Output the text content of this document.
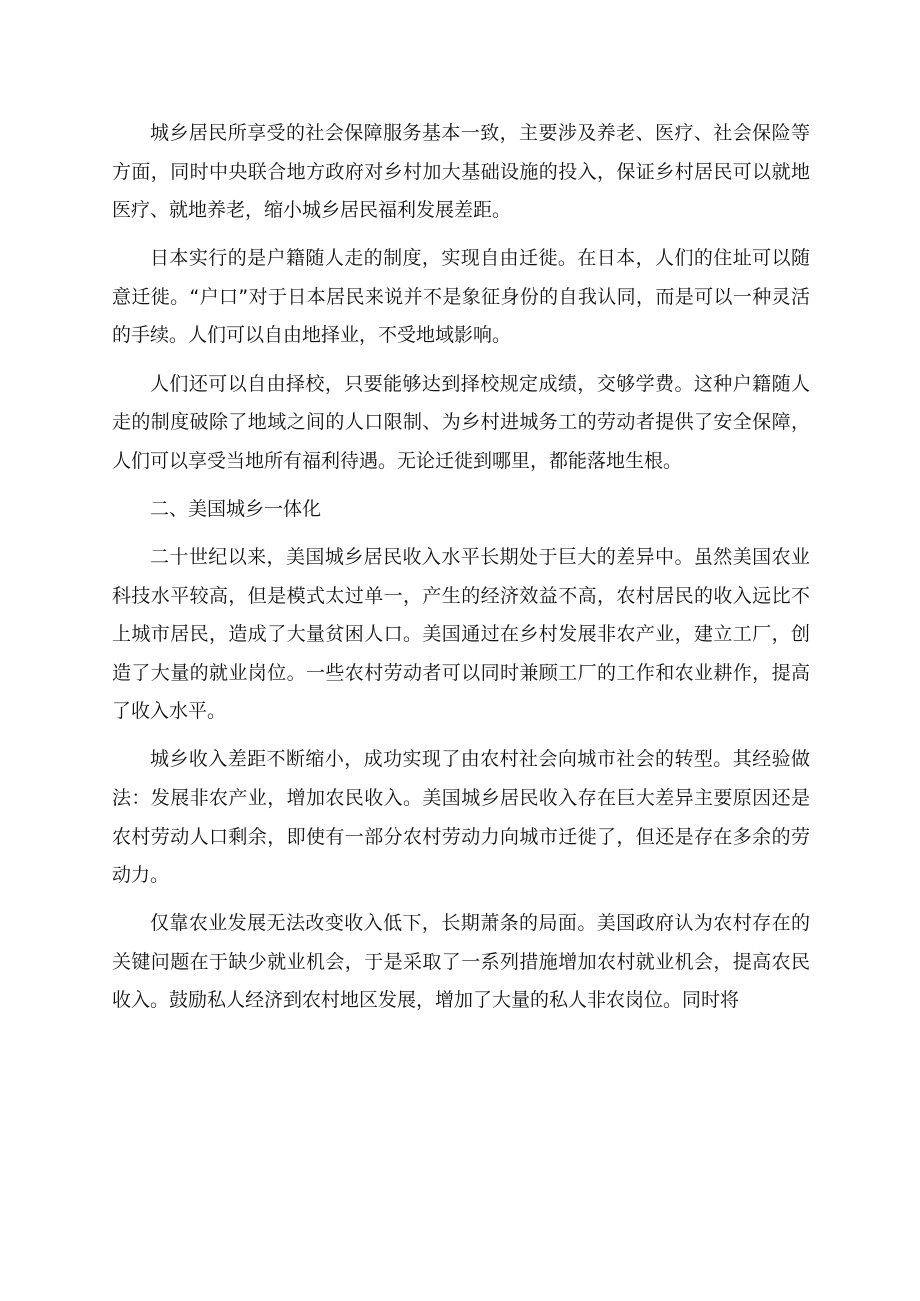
城乡居民所享受的社会保障服务基本一致，主要涉及养老、医疗、社会保险等方面，同时中央联合地方政府对乡村加大基础设施的投入，保证乡村居民可以就地医疗、就地养老，缩小城乡居民福利发展差距。

日本实行的是户籍随人走的制度，实现自由迁徙。在日本，人们的住址可以随意迁徙。“户口”对于日本居民来说并不是象征身份的自我认同，而是可以一种灵活的手续。人们可以自由地择业，不受地域影响。

人们还可以自由择校，只要能够达到择校规定成绩，交够学费。这种户籍随人走的制度破除了地域之间的人口限制、为乡村进城务工的劳动者提供了安全保障，人们可以享受当地所有福利待遇。无论迁徙到哪里，都能落地生根。

二、美国城乡一体化

二十世纪以来，美国城乡居民收入水平长期处于巨大的差异中。虽然美国农业科技水平较高，但是模式太过单一，产生的经济效益不高，农村居民的收入远比不上城市居民，造成了大量贫困人口。美国通过在乡村发展非农产业，建立工厂，创造了大量的就业岗位。一些农村劳动者可以同时兼顾工厂的工作和农业耕作，提高了收入水平。

城乡收入差距不断缩小，成功实现了由农村社会向城市社会的转型。其经验做法：发展非农产业，增加农民收入。美国城乡居民收入存在巨大差异主要原因还是农村劳动人口剩余，即使有一部分农村劳动力向城市迁徙了，但还是存在多余的劳动力。

仅靠农业发展无法改变收入低下，长期萧条的局面。美国政府认为农村存在的关键问题在于缺少就业机会，于是采取了一系列措施增加农村就业机会，提高农民收入。鼓励私人经济到农村地区发展，增加了大量的私人非农岗位。同时将
